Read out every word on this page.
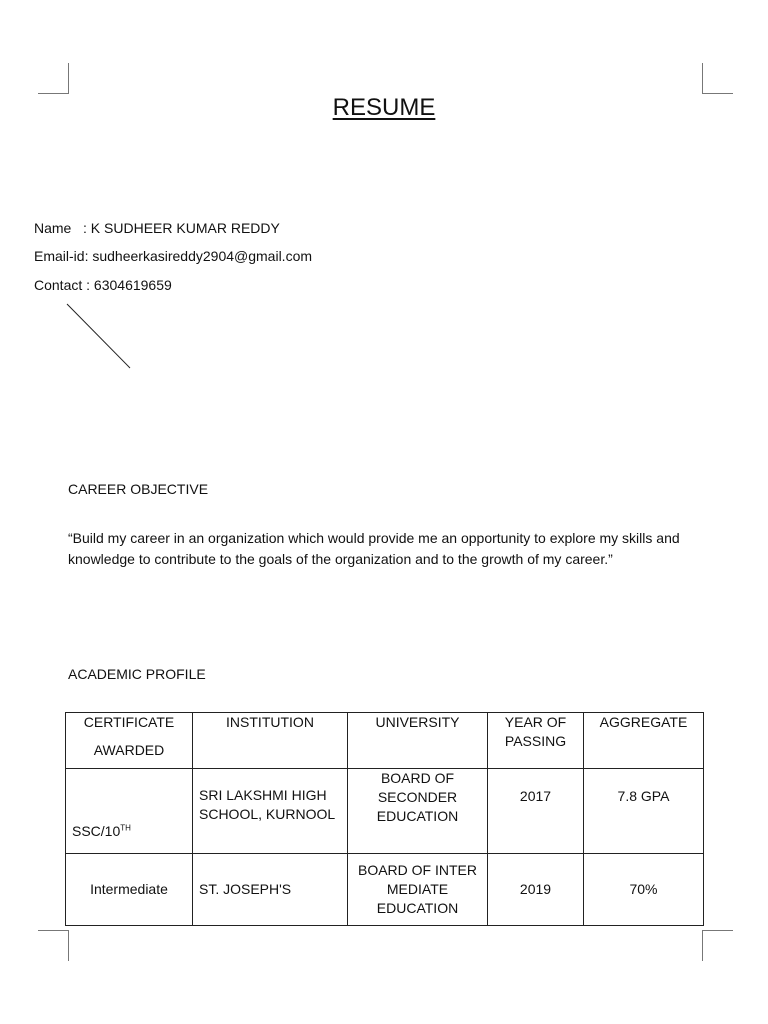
RESUME
Name : K SUDHEER KUMAR REDDY
Email-id: sudheerkasireddy2904@gmail.com
Contact : 6304619659
CAREER OBJECTIVE
“Build my career in an organization which would provide me an opportunity to explore my skills and knowledge to contribute to the goals of the organization and to the growth of my career.”
ACADEMIC PROFILE
CERTIFICATE
AWARDED	INSTITUTION	UNIVERSITY	YEAR OF PASSING	AGGREGATE
SSC/10TH	SRI LAKSHMI HIGH SCHOOL, KURNOOL	BOARD OF SECONDER EDUCATION	2017	7.8 GPA
Intermediate	ST. JOSEPH'S	BOARD OF INTER MEDIATE EDUCATION	2019	70%
